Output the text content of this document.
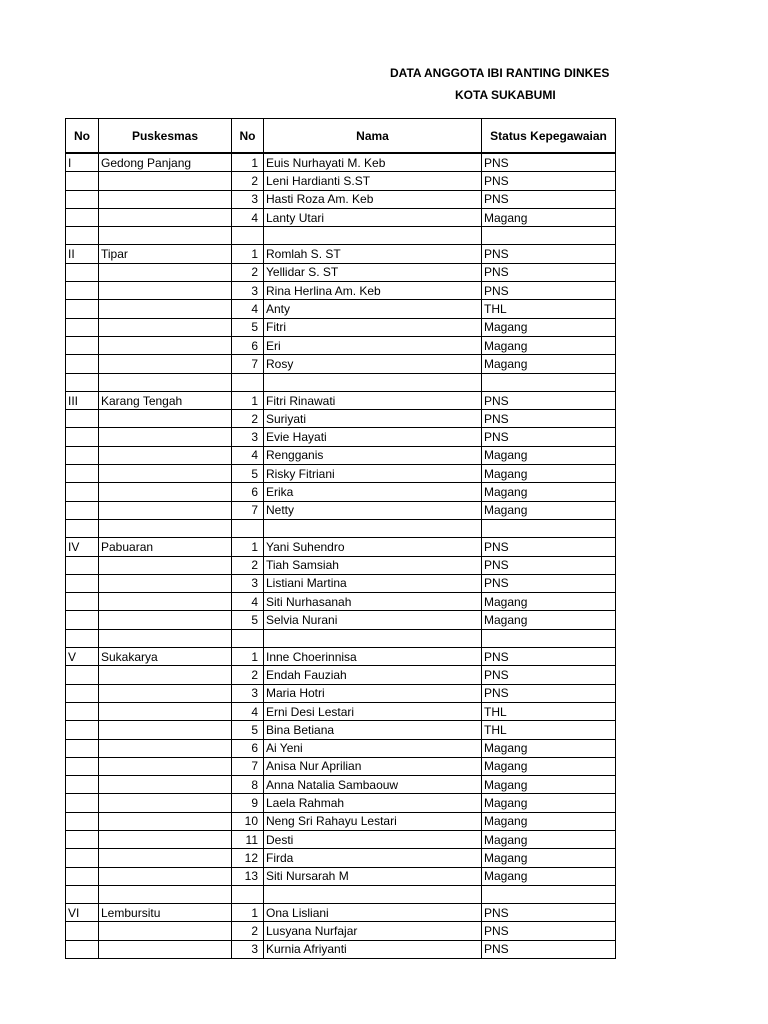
DATA ANGGOTA IBI RANTING DINKES
KOTA SUKABUMI
No	Puskesmas	No	Nama	Status Kepegawaian
I	Gedong Panjang	1	Euis Nurhayati M. Keb	PNS
		2	Leni Hardianti S.ST	PNS
		3	Hasti Roza Am. Keb	PNS
		4	Lanty Utari	Magang

II	Tipar	1	Romlah S. ST	PNS
		2	Yellidar S. ST	PNS
		3	Rina Herlina Am. Keb	PNS
		4	Anty	THL
		5	Fitri	Magang
		6	Eri	Magang
		7	Rosy	Magang

III	Karang Tengah	1	Fitri Rinawati	PNS
		2	Suriyati	PNS
		3	Evie Hayati	PNS
		4	Rengganis	Magang
		5	Risky Fitriani	Magang
		6	Erika	Magang
		7	Netty	Magang

IV	Pabuaran	1	Yani Suhendro	PNS
		2	Tiah Samsiah	PNS
		3	Listiani Martina	PNS
		4	Siti Nurhasanah	Magang
		5	Selvia Nurani	Magang

V	Sukakarya	1	Inne Choerinnisa	PNS
		2	Endah Fauziah	PNS
		3	Maria Hotri	PNS
		4	Erni Desi Lestari	THL
		5	Bina Betiana	THL
		6	Ai Yeni	Magang
		7	Anisa Nur Aprilian	Magang
		8	Anna Natalia Sambaouw	Magang
		9	Laela Rahmah	Magang
		10	Neng Sri Rahayu Lestari	Magang
		11	Desti	Magang
		12	Firda	Magang
		13	Siti Nursarah M	Magang

VI	Lembursitu	1	Ona Lisliani	PNS
		2	Lusyana Nurfajar	PNS
		3	Kurnia Afriyanti	PNS
